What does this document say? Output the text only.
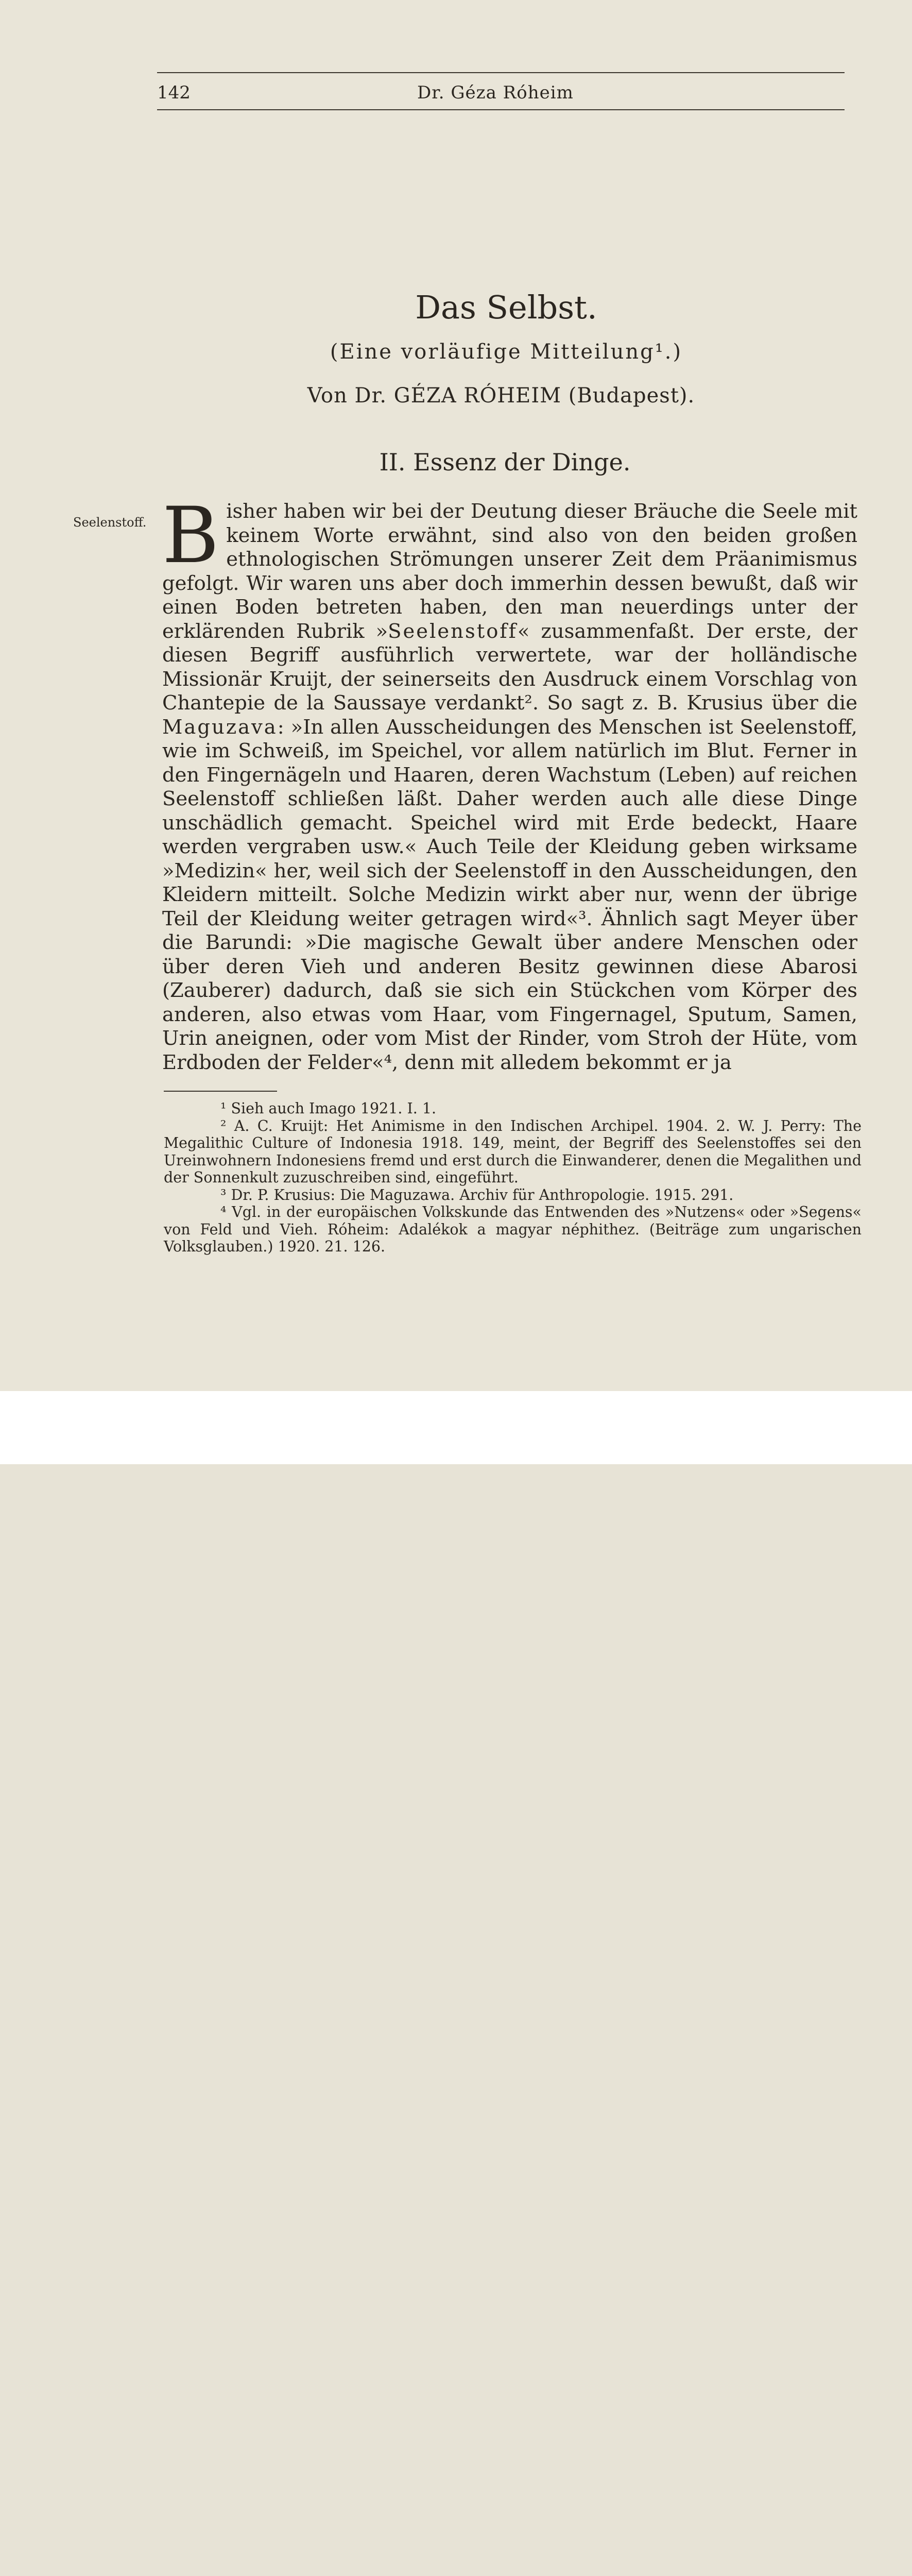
142	Dr. Géza Róheim
Das Selbst.
(Eine vorläufige Mitteilung¹.)
Von Dr. GÉZA RÓHEIM (Budapest).
II. Essenz der Dinge.
Seelenstoff. Bisher haben wir bei der Deutung dieser Bräuche die Seele mit keinem Worte erwähnt, sind also von den beiden großen ethnologischen Strömungen unserer Zeit dem Präanimismus gefolgt. Wir waren uns aber doch immerhin dessen bewußt, daß wir einen Boden betreten haben, den man neuerdings unter der erklärenden Rubrik »Seelenstoff« zusammenfaßt. Der erste, der diesen Begriff ausführlich verwertete, war der holländische Missionär Kruijt, der seinerseits den Ausdruck einem Vorschlag von Chantepie de la Saussaye verdankt². So sagt z. B. Krusius über die Maguzava: »In allen Ausscheidungen des Menschen ist Seelenstoff, wie im Schweiß, im Speichel, vor allem natürlich im Blut. Ferner in den Fingernägeln und Haaren, deren Wachstum (Leben) auf reichen Seelenstoff schließen läßt. Daher werden auch alle diese Dinge unschädlich gemacht. Speichel wird mit Erde bedeckt, Haare werden vergraben usw.« Auch Teile der Kleidung geben wirksame »Medizin« her, weil sich der Seelenstoff in den Ausscheidungen, den Kleidern mitteilt. Solche Medizin wirkt aber nur, wenn der übrige Teil der Kleidung weiter getragen wird«³. Ähnlich sagt Meyer über die Barundi: »Die magische Gewalt über andere Menschen oder über deren Vieh und anderen Besitz gewinnen diese Abarosi (Zauberer) dadurch, daß sie sich ein Stückchen vom Körper des anderen, also etwas vom Haar, vom Fingernagel, Sputum, Samen, Urin aneignen, oder vom Mist der Rinder, vom Stroh der Hüte, vom Erdboden der Felder«⁴, denn mit alledem bekommt er ja

¹ Sieh auch Imago 1921. I. 1.

² A. C. Kruijt: Het Animisme in den Indischen Archipel. 1904. 2. W. J. Perry: The Megalithic Culture of Indonesia 1918. 149, meint, der Begriff des Seelenstoffes sei den Ureinwohnern Indonesiens fremd und erst durch die Einwanderer, denen die Megalithen und der Sonnenkult zuzuschreiben sind, eingeführt.

³ Dr. P. Krusius: Die Maguzawa. Archiv für Anthropologie. 1915. 291.

⁴ Vgl. in der europäischen Volkskunde das Entwenden des »Nutzens« oder »Segens« von Feld und Vieh. Róheim: Adalékok a magyar néphithez. (Beiträge zum ungarischen Volksglauben.) 1920. 21. 126.
